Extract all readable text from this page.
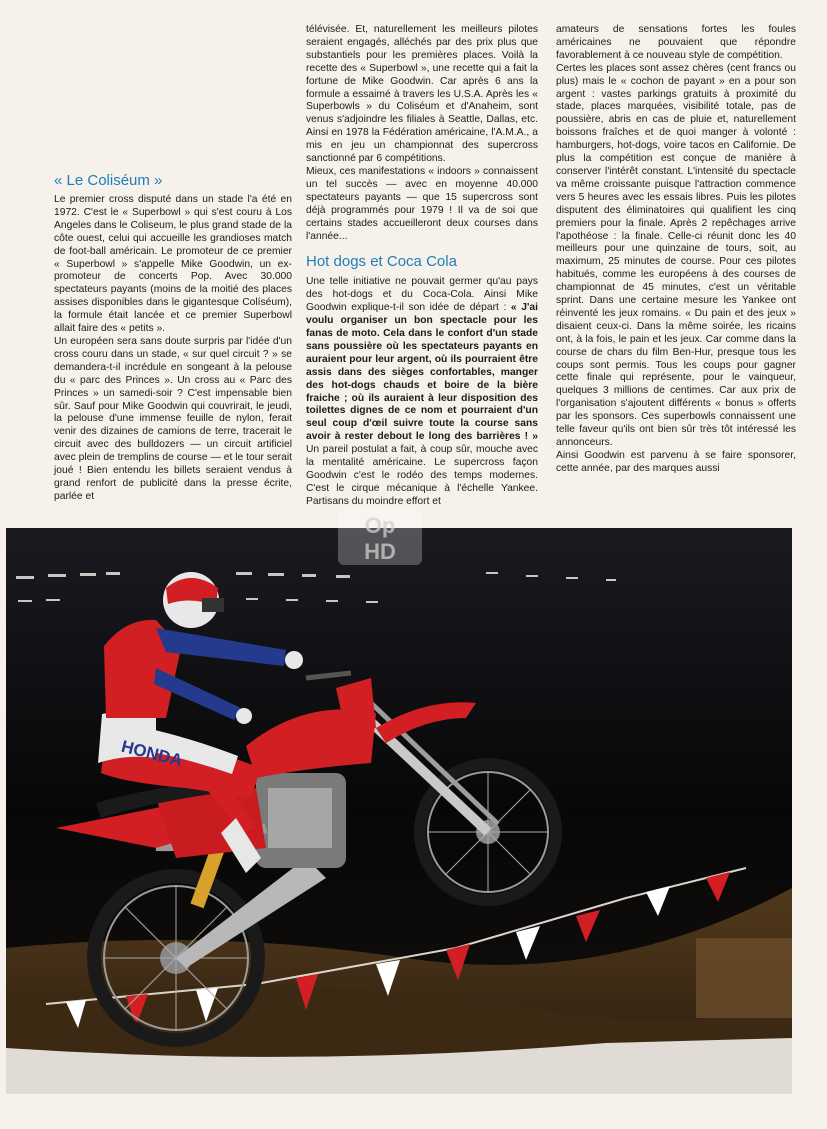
« Le Coliséum »

Le premier cross disputé dans un stade l'a été en 1972. C'est le « Superbowl » qui s'est couru à Los Angeles dans le Coliseum, le plus grand stade de la côte ouest, celui qui accueille les grandioses match de foot-ball américain. Le promoteur de ce premier « Superbowl » s'appelle Mike Goodwin, un ex-promoteur de concerts Pop. Avec 30.000 spectateurs payants (moins de la moitié des places assises disponibles dans le gigantesque Colíséum), la formule était lancée et ce premier Superbowl allait faire des « petits ».

Un européen sera sans doute surpris par l'idée d'un cross couru dans un stade, « sur quel circuit ? » se demandera-t-il incrédule en songeant à la pelouse du « parc des Princes ». Un cross au « Parc des Princes » un samedi-soir ? C'est impensable bien sûr. Sauf pour Mike Goodwin qui couvrirait, le jeudi, la pelouse d'une immense feuille de nylon, ferait venir des dizaines de camions de terre, tracerait le circuit avec des bulldozers — un circuit artificiel avec plein de tremplins de course — et le tour serait joué ! Bien entendu les billets seraient vendus à grand renfort de publicité dans la presse écrite, parlée et

télévisée. Et, naturellement les meilleurs pilotes seraient engagés, alléchés par des prix plus que substantiels pour les premières places. Voilà la recette des « Superbowl », une recette qui a fait la fortune de Mike Goodwin. Car après 6 ans la formule a essaimé à travers les U.S.A. Après les « Superbowls » du Coliséum et d'Anaheim, sont venus s'adjoindre les filiales à Seattle, Dallas, etc. Ainsi en 1978 la Fédération américaine, l'A.M.A., a mis en jeu un championnat des supercross sanctionné par 6 compétitions.

Mieux, ces manifestations « indoors » connaissent un tel succès — avec en moyenne 40.000 spectateurs payants — que 15 supercross sont déjà programmés pour 1979 ! Il va de soi que certains stades accueilleront deux courses dans l'année...

Hot dogs et Coca Cola

Une telle initiative ne pouvait germer qu'au pays des hot-dogs et du Coca-Cola. Ainsi Mike Goodwin explique-t-il son idée de départ : « J'ai voulu organiser un bon spectacle pour les fanas de moto. Cela dans le confort d'un stade sans poussière où les spectateurs payants en auraient pour leur argent, où ils pourraient être assis dans des sièges confortables, manger des hot-dogs chauds et boire de la bière fraiche ; où ils auraient à leur disposition des toilettes dignes de ce nom et pourraient d'un seul coup d'œil suivre toute la course sans avoir à rester debout le long des barrières ! » Un pareil postulat a fait, à coup sûr, mouche avec la mentalité américaine. Le supercross façon Goodwin c'est le rodéo des temps modernes. C'est le cirque mécanique à l'échelle Yankee. Partisans du moindre effort et

amateurs de sensations fortes les foules américaines ne pouvaient que répondre favorablement à ce nouveau style de compétition.

Certes les places sont assez chères (cent francs ou plus) mais le « cochon de payant » en a pour son argent : vastes parkings gratuits à proximité du stade, places marquées, visibilité totale, pas de poussière, abris en cas de pluie et, naturellement boissons fraîches et de quoi manger à volonté : hamburgers, hot-dogs, voire tacos en Californie. De plus la compétition est conçue de manière à conserver l'intérêt constant. L'intensité du spectacle va même croissante puisque l'attraction commence vers 5 heures avec les essais libres. Puis les pilotes disputent des éliminatoires qui qualifient les cinq premiers pour la finale. Après 2 repêchages arrive l'apothéose : la finale. Celle-ci réunit donc les 40 meilleurs pour une quinzaine de tours, soit, au maximum, 25 minutes de course. Pour ces pilotes habitués, comme les européens à des courses de championnat de 45 minutes, c'est un véritable sprint. Dans une certaine mesure les Yankee ont réinventé les jeux romains. « Du pain et des jeux » disaient ceux-ci. Dans la même soirée, les ricains ont, à la fois, le pain et les jeux. Car comme dans la course de chars du film Ben-Hur, presque tous les coups sont permis. Tous les coups pour gagner cette finale qui représente, pour le vainqueur, quelques 3 millions de centimes. Car aux prix de l'organisation s'ajoutent différents « bonus » offerts par les sponsors. Ces superbowls connaissent une telle faveur qu'ils ont bien sûr très tôt intéressé les annonceurs.

Ainsi Goodwin est parvenu à se faire sponsorer, cette année, par des marques aussi

HONDA
Op
HD
